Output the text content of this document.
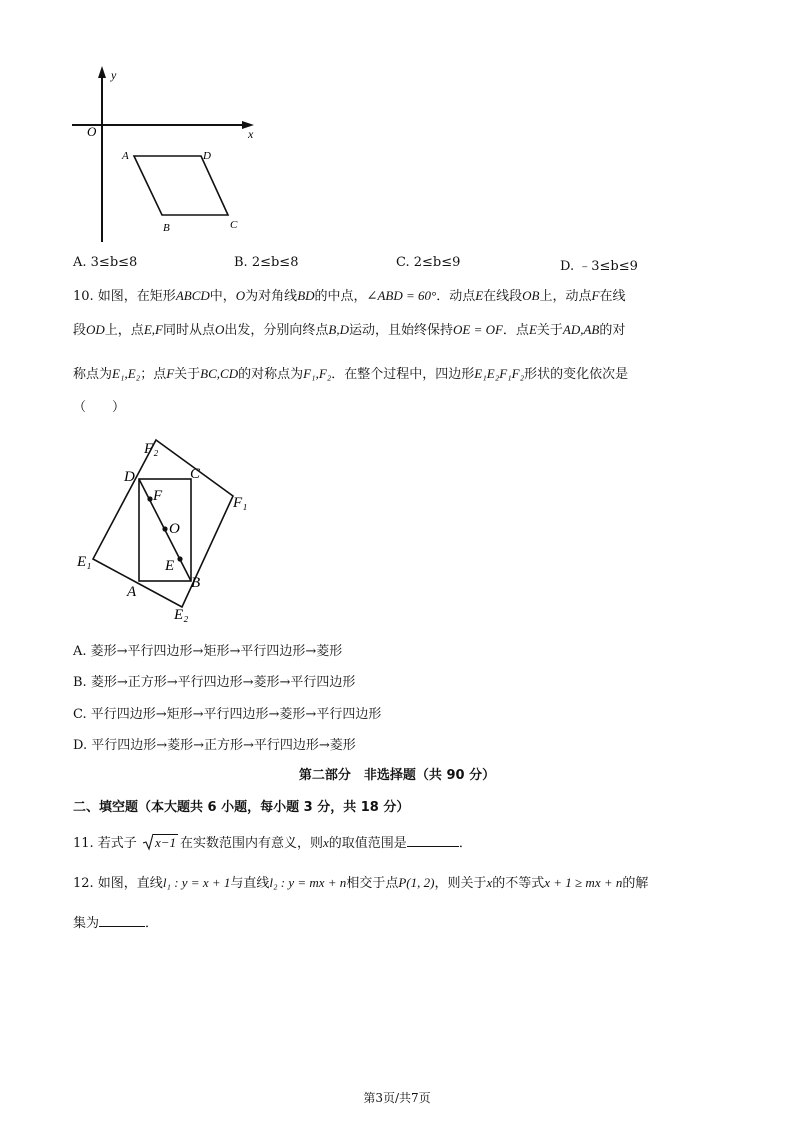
y
x
O
A	D
B	C
A. 3≤b≤8	B. 2≤b≤8	C. 2≤b≤9	D. ﹣3≤b≤9
10. 如图，在矩形ABCD中，O为对角线BD的中点，∠ABD = 60°．动点E在线段OB上，动点F在线
段OD上，点E,F同时从点O出发，分别向终点B,D运动，且始终保持OE = OF．点E关于AD,AB的对
称点为E₁,E₂；点F关于BC,CD的对称点为F₁,F₂．在整个过程中，四边形E₁E₂F₁F₂形状的变化依次是
（　　）
D	C
A
B
O
F
E
E₁
E₂
F₁
F₂
A. 菱形→平行四边形→矩形→平行四边形→菱形
B. 菱形→正方形→平行四边形→菱形→平行四边形
C. 平行四边形→矩形→平行四边形→菱形→平行四边形
D. 平行四边形→菱形→正方形→平行四边形→菱形
第二部分　非选择题（共 90 分）
二、填空题（本大题共 6 小题，每小题 3 分，共 18 分）
11. 若式子 x−1 在实数范围内有意义，则x的取值范围是	．
12. 如图，直线l₁ : y = x + 1与直线l₂ : y = mx + n相交于点P(1, 2)，则关于x的不等式x + 1 ≥ mx + n的解
集为	．
第3页/共7页
